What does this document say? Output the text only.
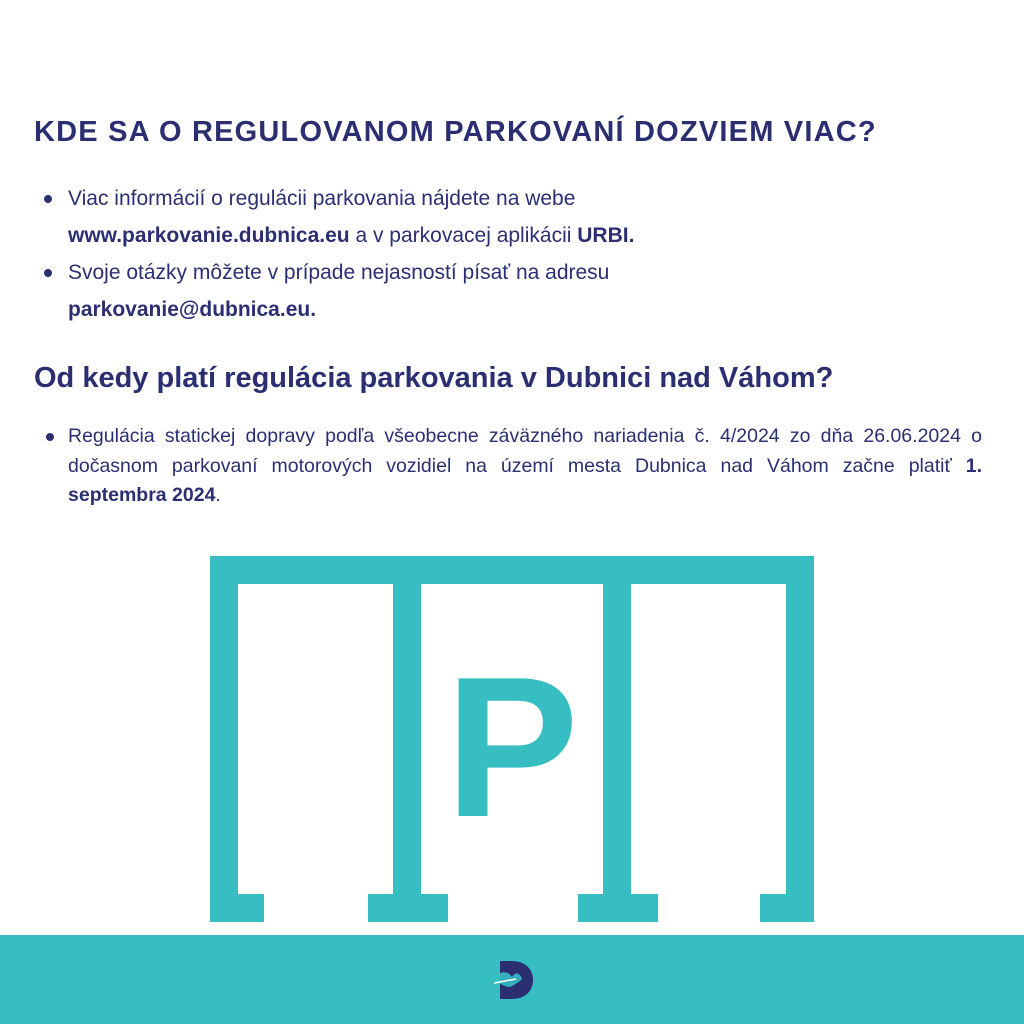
KDE SA O REGULOVANOM PARKOVANÍ DOZVIEM VIAC?
Viac informácií o regulácii parkovania nájdete na webe
www.parkovanie.dubnica.eu a v parkovacej aplikácii URBI.
Svoje otázky môžete v prípade nejasností písať na adresu
parkovanie@dubnica.eu.
Od kedy platí regulácia parkovania v Dubnici nad Váhom?
Regulácia statickej dopravy podľa všeobecne záväzného nariadenia č. 4/2024 zo dňa 26.06.2024 o dočasnom parkovaní motorových vozidiel na území mesta Dubnica nad Váhom začne platiť 1. septembra 2024.
P
